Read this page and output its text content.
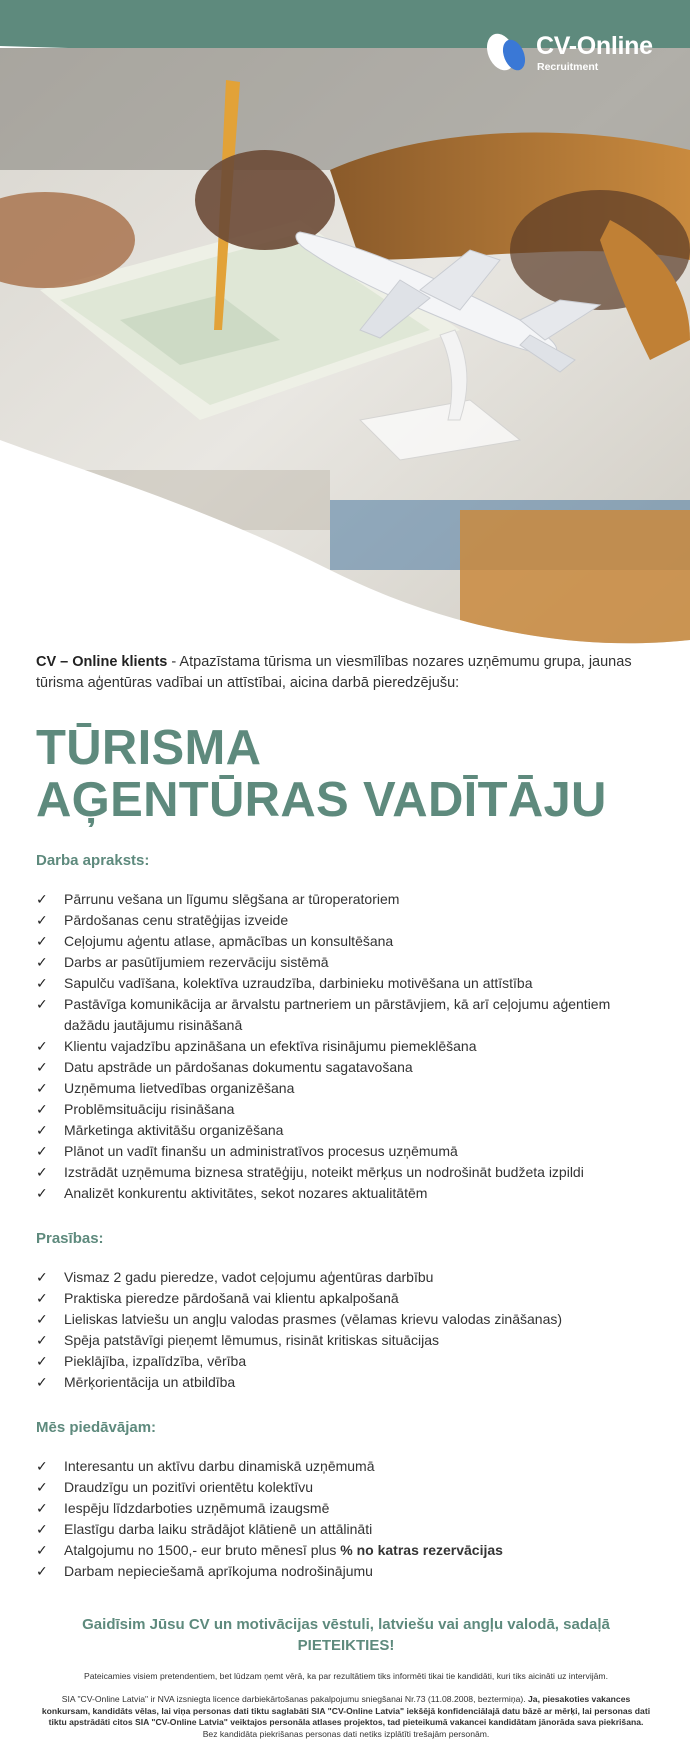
CV-Online
Recruitment

CV – Online klients - Atpazīstama tūrisma un viesmīlības nozares uzņēmumu grupa, jaunas tūrisma aģentūras vadībai un attīstībai, aicina darbā pieredzējušu:

TŪRISMA
AĢENTŪRAS VADĪTĀJU
Darba apraksts:
✓ Pārrunu vešana un līgumu slēgšana ar tūroperatoriem
✓ Pārdošanas cenu stratēģijas izveide
✓ Ceļojumu aģentu atlase, apmācības un konsultēšana
✓ Darbs ar pasūtījumiem rezervāciju sistēmā
✓ Sapulču vadīšana, kolektīva uzraudzība, darbinieku motivēšana un attīstība
✓ Pastāvīga komunikācija ar ārvalstu partneriem un pārstāvjiem, kā arī ceļojumu aģentiem dažādu jautājumu risināšanā
✓ Klientu vajadzību apzināšana un efektīva risinājumu piemeklēšana
✓ Datu apstrāde un pārdošanas dokumentu sagatavošana
✓ Uzņēmuma lietvedības organizēšana
✓ Problēmsituāciju risināšana
✓ Mārketinga aktivitāšu organizēšana
✓ Plānot un vadīt finanšu un administratīvos procesus uzņēmumā
✓ Izstrādāt uzņēmuma biznesa stratēģiju, noteikt mērķus un nodrošināt budžeta izpildi
✓ Analizēt konkurentu aktivitātes, sekot nozares aktualitātēm
Prasības:
✓ Vismaz 2 gadu pieredze, vadot ceļojumu aģentūras darbību
✓ Praktiska pieredze pārdošanā vai klientu apkalpošanā
✓ Lieliskas latviešu un angļu valodas prasmes (vēlamas krievu valodas zināšanas)
✓ Spēja patstāvīgi pieņemt lēmumus, risināt kritiskas situācijas
✓ Pieklājība, izpalīdzība, vērība
✓ Mērķorientācija un atbildība
Mēs piedāvājam:
✓ Interesantu un aktīvu darbu dinamiskā uzņēmumā
✓ Draudzīgu un pozitīvi orientētu kolektīvu
✓ Iespēju līdzdarboties uzņēmumā izaugsmē
✓ Elastīgu darba laiku strādājot klātienē un attālināti
✓ Atalgojumu no 1500,- eur bruto mēnesī plus % no katras rezervācijas
✓ Darbam nepieciešamā aprīkojuma nodrošinājumu

Gaidīsim Jūsu CV un motivācijas vēstuli, latviešu vai angļu valodā, sadaļā PIETEIKTIES!

Pateicamies visiem pretendentiem, bet lūdzam ņemt vērā, ka par rezultātiem tiks informēti tikai tie kandidāti, kuri tiks aicināti uz intervijām.

SIA "CV-Online Latvia" ir NVA izsniegta licence darbiekārtošanas pakalpojumu sniegšanai Nr.73 (11.08.2008, beztermiņa). Ja, piesakoties vakances konkursam, kandidāts vēlas, lai viņa personas dati tiktu saglabāti SIA "CV-Online Latvia" iekšējā konfidenciālajā datu bāzē ar mērķi, lai personas dati tiktu apstrādāti citos SIA "CV-Online Latvia" veiktajos personāla atlases projektos, tad pieteikumā vakancei kandidātam jānorāda sava piekrišana. Bez kandidāta piekrišanas personas dati netiks izplātīti trešajām personām.
